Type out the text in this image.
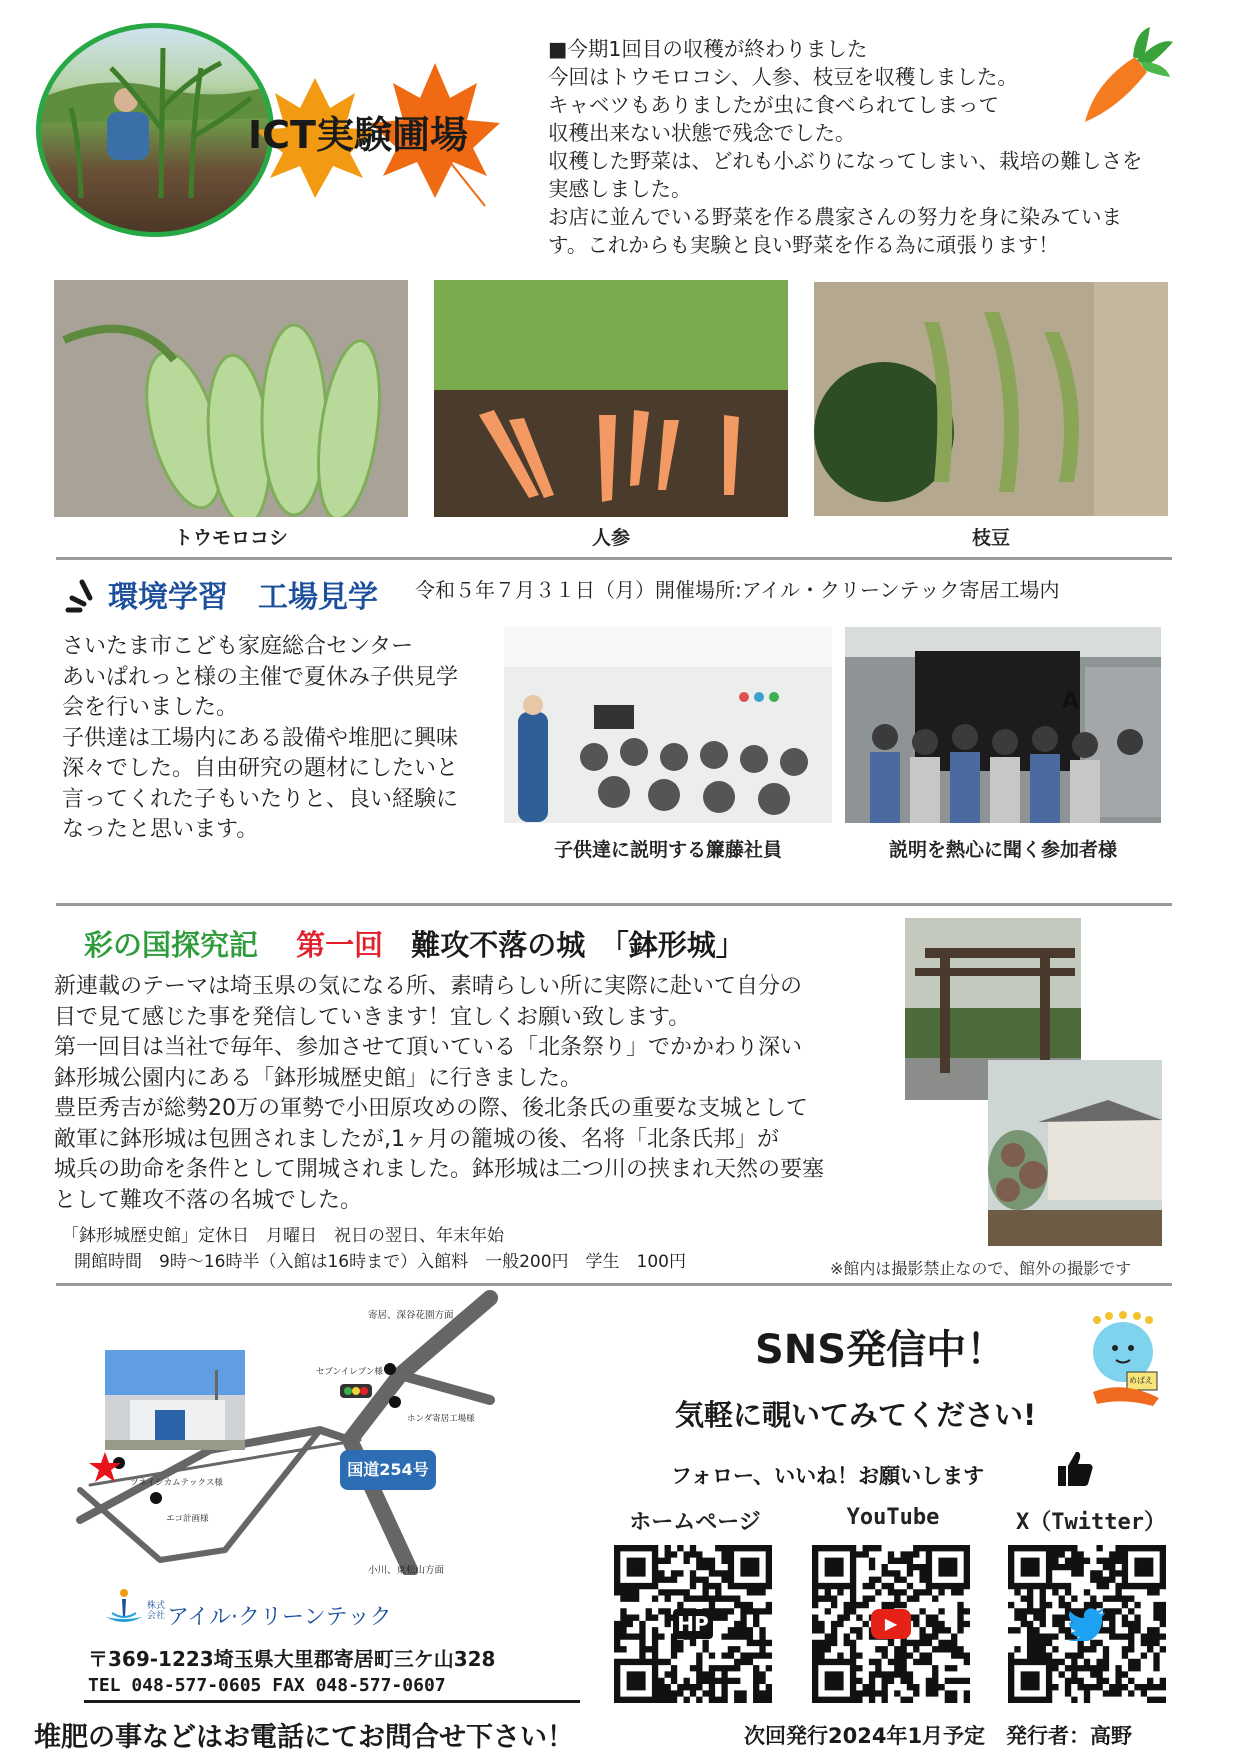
ICT実験圃場
■今期1回目の収穫が終わりました
今回はトウモロコシ、人参、枝豆を収穫しました。
キャベツもありましたが虫に食べられてしまって
収穫出来ない状態で残念でした。
収穫した野菜は、どれも小ぶりになってしまい、栽培の難しさを
実感しました。
お店に並んでいる野菜を作る農家さんの努力を身に染みていま
す。これからも実験と良い野菜を作る為に頑張ります！
トウモロコシ	人参	枝豆
環境学習　工場見学 令和５年７月３１日（月）開催場所:アイル・クリーンテック寄居工場内
さいたま市こども家庭総合センター
あいぱれっと様の主催で夏休み子供見学
会を行いました。
子供達は工場内にある設備や堆肥に興味
深々でした。自由研究の題材にしたいと
言ってくれた子もいたりと、良い経験に
なったと思います。
A
子供達に説明する簾藤社員	説明を熱心に聞く参加者様
彩の国探究記 第一回 難攻不落の城　「鉢形城」
新連載のテーマは埼玉県の気になる所、素晴らしい所に実際に赴いて自分の
目で見て感じた事を発信していきます！宜しくお願い致します。
第一回目は当社で毎年、参加させて頂いている「北条祭り」でかかわり深い
鉢形城公園内にある「鉢形城歴史館」に行きました。
豊臣秀吉が総勢20万の軍勢で小田原攻めの際、後北条氏の重要な支城として
敵軍に鉢形城は包囲されましたが,1ヶ月の籠城の後、名将「北条氏邦」が
城兵の助命を条件として開城されました。鉢形城は二つ川の挟まれ天然の要塞
として難攻不落の名城でした。
「鉢形城歴史館」定休日　月曜日　祝日の翌日、年末年始
開館時間　9時～16時半（入館は16時まで）入館料　一般200円　学生　100円	※館内は撮影禁止なので、館外の撮影です
寄居、深谷花園方面
セブンイレブン様
ホンダ寄居工場様
国道254号
ツネイシカムテックス様
エコ計画様
小川、東松山方面
株式
会社 アイル·クリーンテック
〒369-1223埼玉県大里郡寄居町三ケ山328
TEL 048-577-0605 FAX 048-577-0607
堆肥の事などはお電話にてお問合せ下さい！
SNS発信中！
めばえ
気軽に覗いてみてください!
フォロー、いいね！お願いします
ホームページ	YouTube	X（Twitter）
HP	▶
次回発行2024年1月予定　発行者：高野
